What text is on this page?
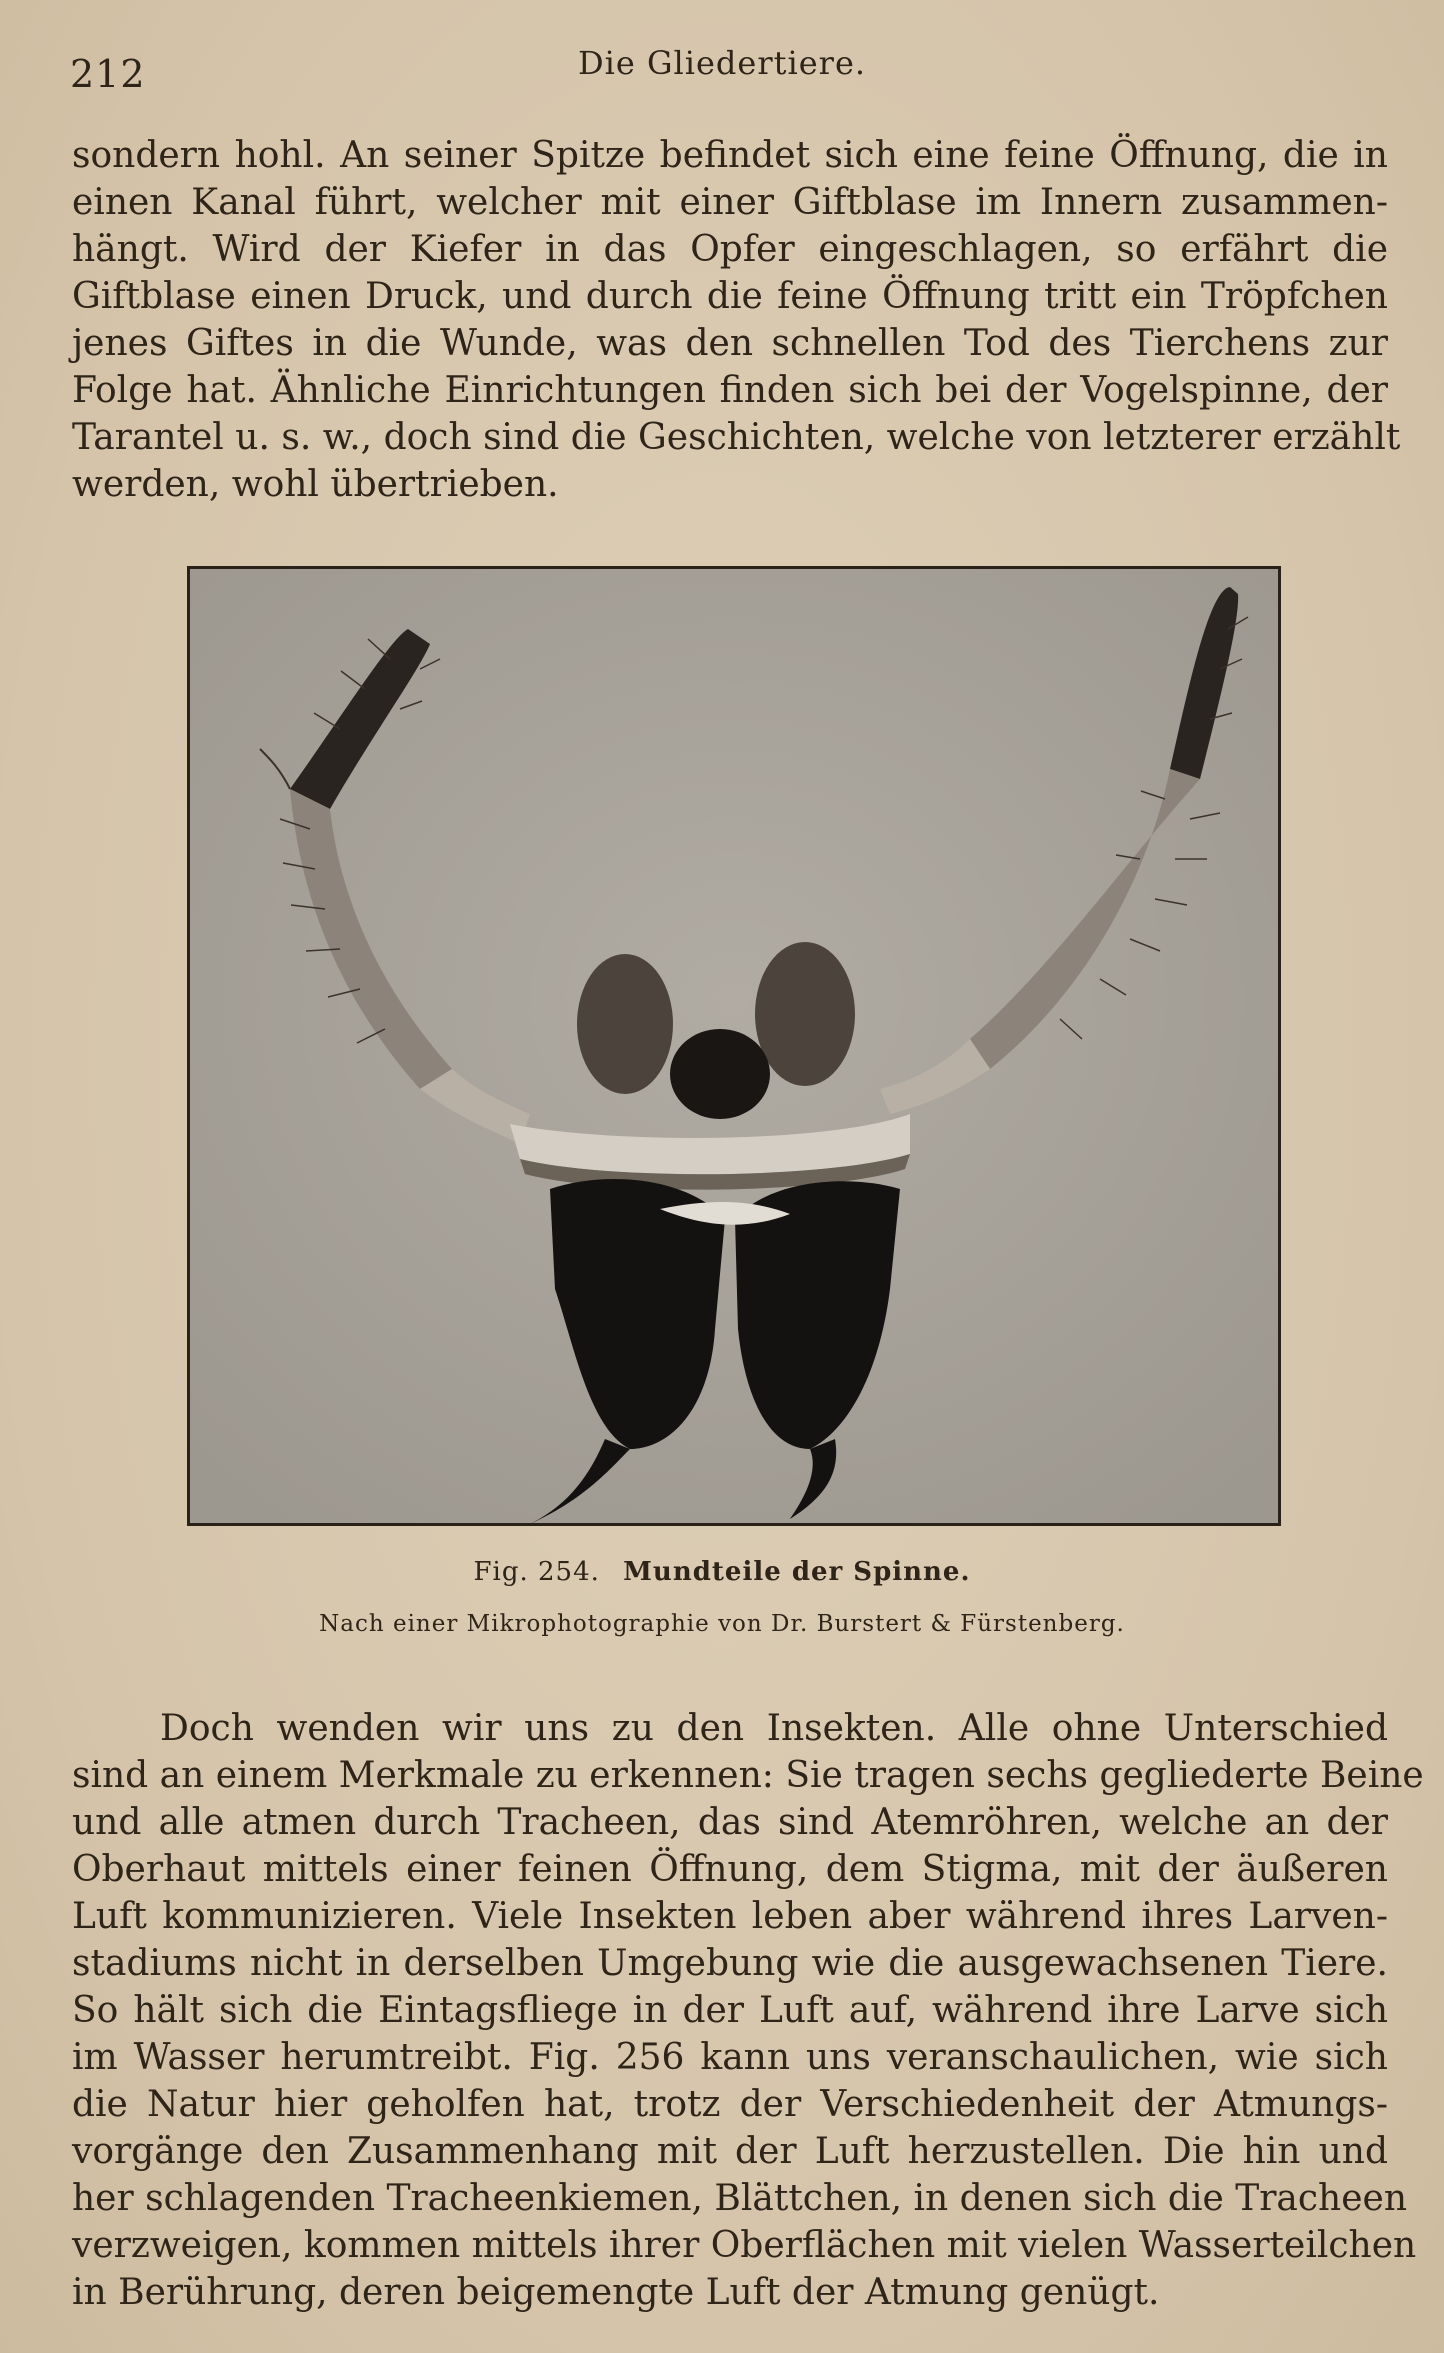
212	Die Gliedertiere.
sondern hohl. An seiner Spitze befindet sich eine feine Öffnung, die in
einen Kanal führt, welcher mit einer Giftblase im Innern zusammen-
hängt. Wird der Kiefer in das Opfer eingeschlagen, so erfährt die
Giftblase einen Druck, und durch die feine Öffnung tritt ein Tröpfchen
jenes Giftes in die Wunde, was den schnellen Tod des Tierchens zur
Folge hat. Ähnliche Einrichtungen finden sich bei der Vogelspinne, der
Tarantel u. s. w., doch sind die Geschichten, welche von letzterer erzählt
werden, wohl übertrieben.
Fig. 254. Mundteile der Spinne.
Nach einer Mikrophotographie von Dr. Burstert & Fürstenberg.
Doch wenden wir uns zu den Insekten. Alle ohne Unterschied
sind an einem Merkmale zu erkennen: Sie tragen sechs gegliederte Beine
und alle atmen durch Tracheen, das sind Atemröhren, welche an der
Oberhaut mittels einer feinen Öffnung, dem Stigma, mit der äußeren
Luft kommunizieren. Viele Insekten leben aber während ihres Larven-
stadiums nicht in derselben Umgebung wie die ausgewachsenen Tiere.
So hält sich die Eintagsfliege in der Luft auf, während ihre Larve sich
im Wasser herumtreibt. Fig. 256 kann uns veranschaulichen, wie sich
die Natur hier geholfen hat, trotz der Verschiedenheit der Atmungs-
vorgänge den Zusammenhang mit der Luft herzustellen. Die hin und
her schlagenden Tracheenkiemen, Blättchen, in denen sich die Tracheen
verzweigen, kommen mittels ihrer Oberflächen mit vielen Wasserteilchen
in Berührung, deren beigemengte Luft der Atmung genügt.
